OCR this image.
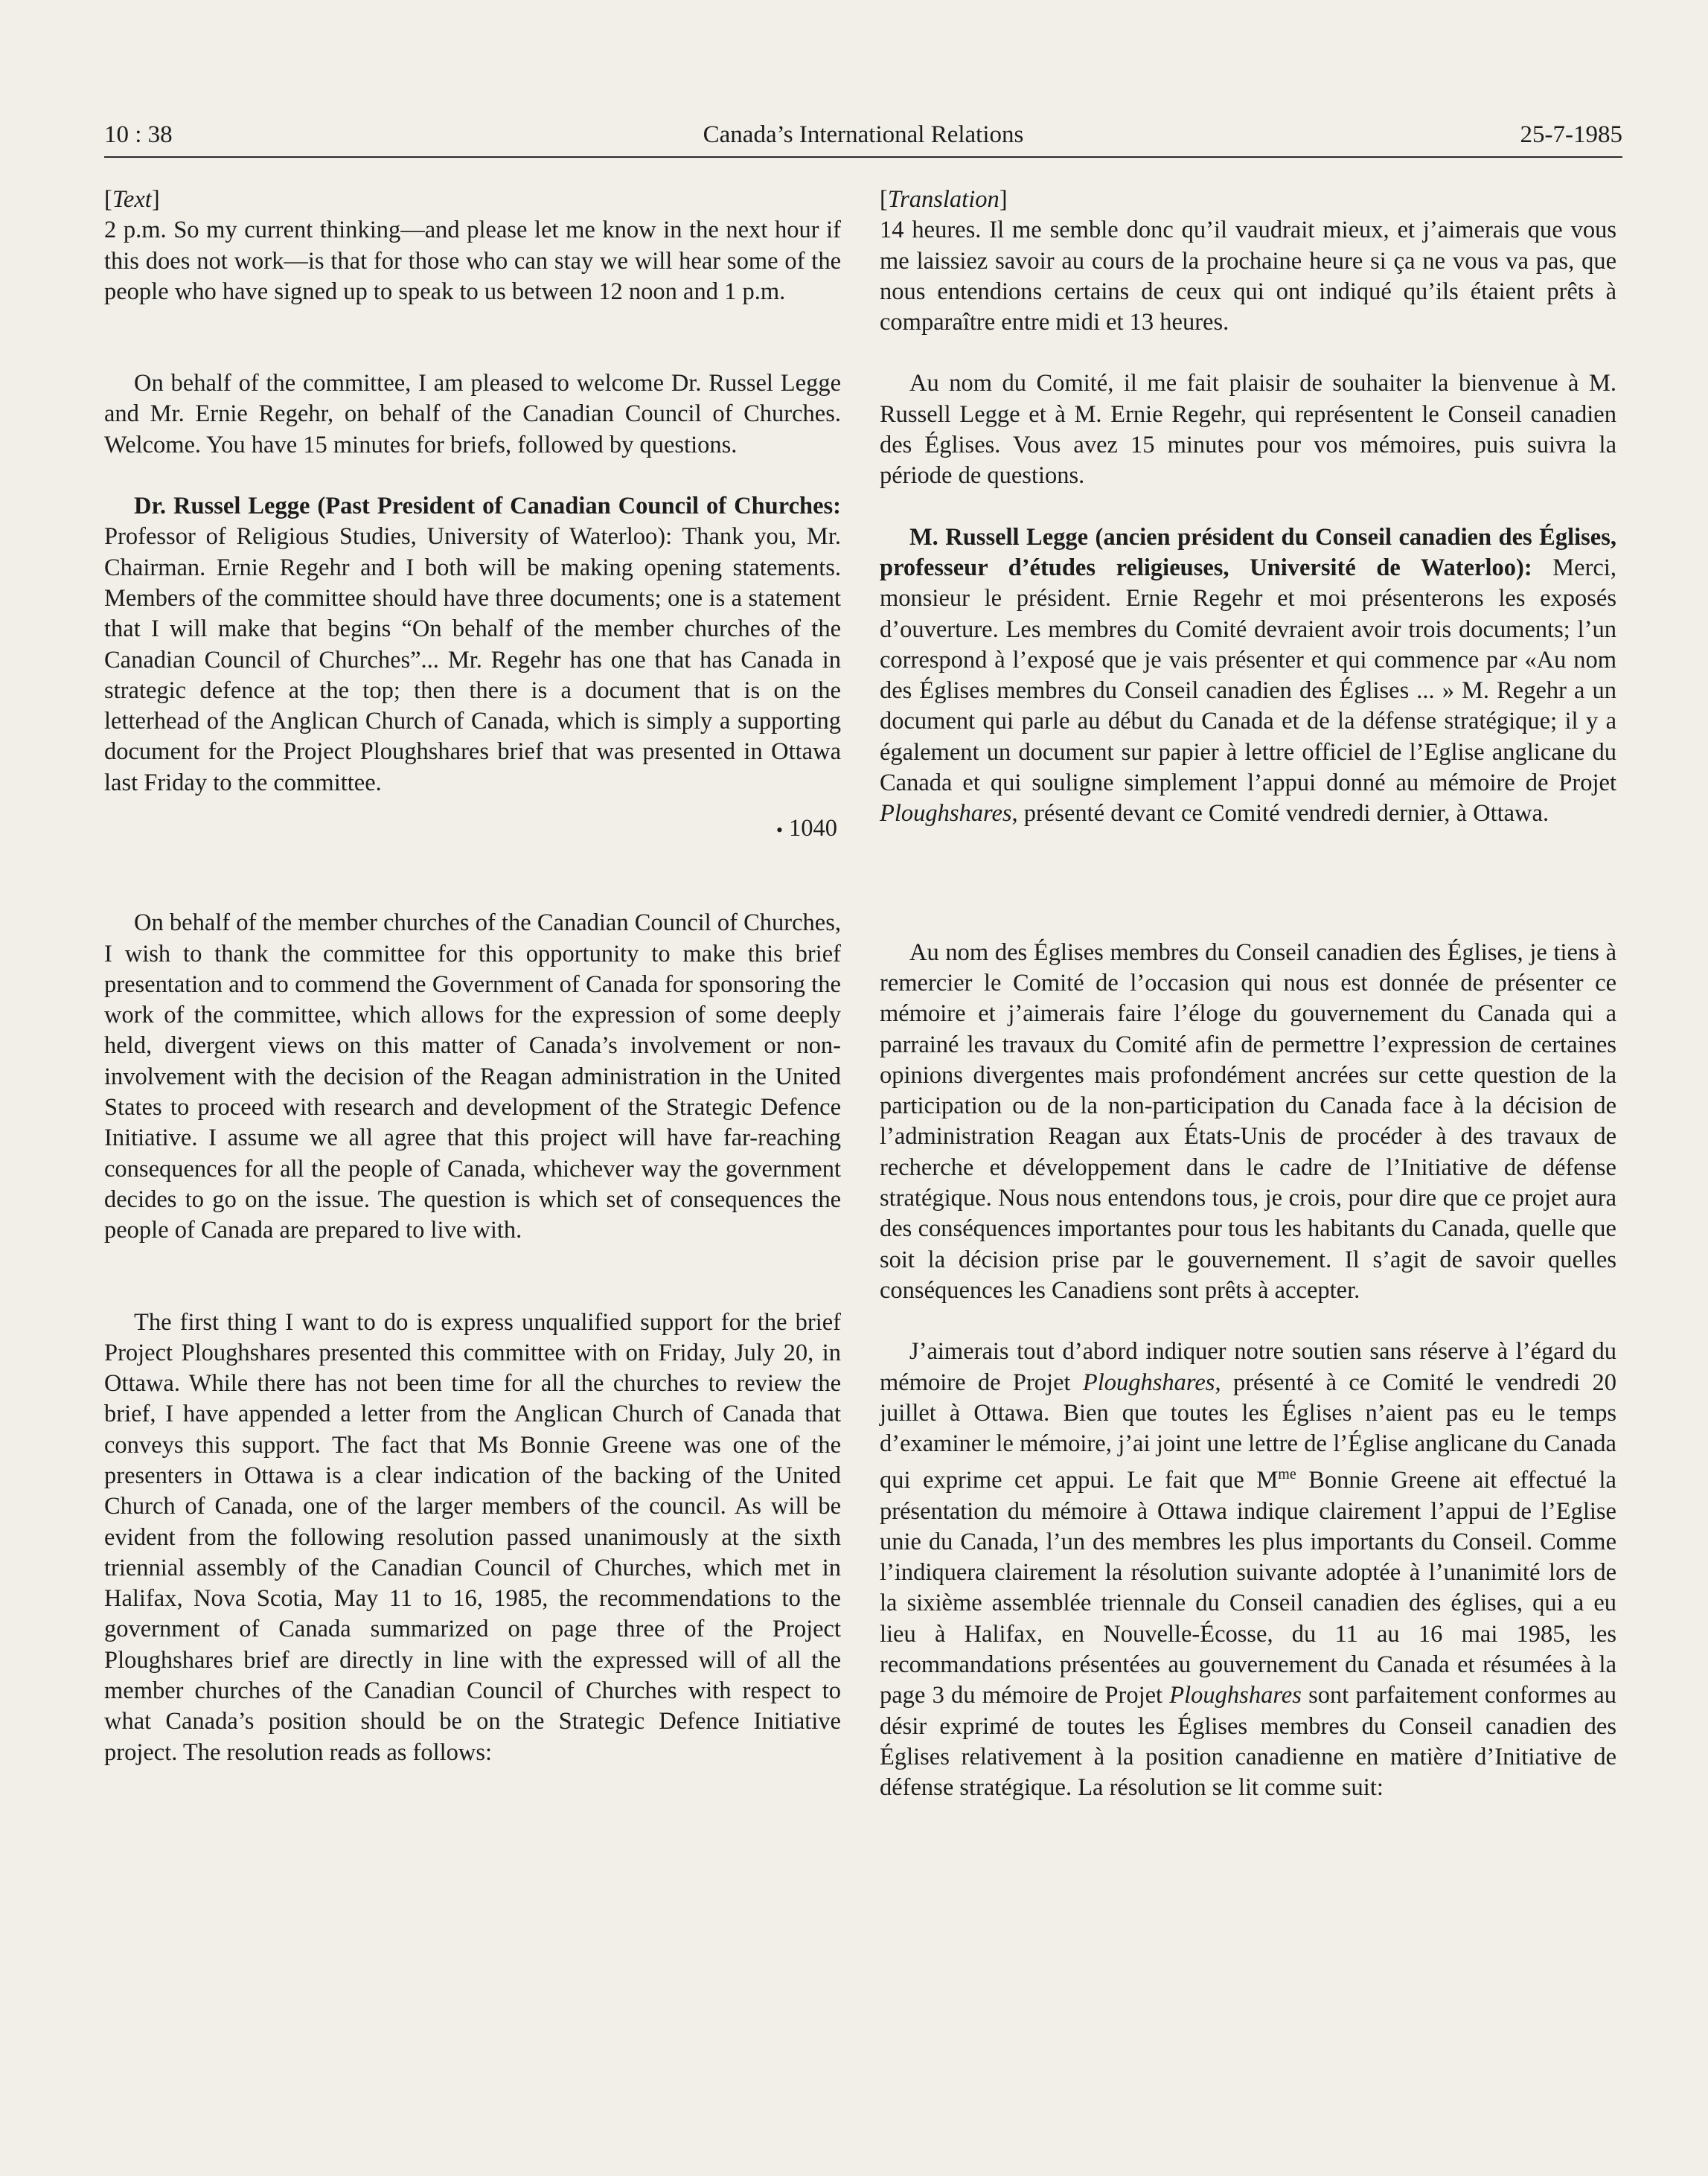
10 : 38	Canada’s International Relations	25-7-1985
[Text]

2 p.m. So my current thinking—and please let me know in the next hour if this does not work—is that for those who can stay we will hear some of the people who have signed up to speak to us between 12 noon and 1 p.m.

On behalf of the committee, I am pleased to welcome Dr. Russel Legge and Mr. Ernie Regehr, on behalf of the Canadian Council of Churches. Welcome. You have 15 minutes for briefs, followed by questions.

Dr. Russel Legge (Past President of Canadian Council of Churches: Professor of Religious Studies, University of Waterloo): Thank you, Mr. Chairman. Ernie Regehr and I both will be making opening statements. Members of the committee should have three documents; one is a statement that I will make that begins “On behalf of the member churches of the Canadian Council of Churches”... Mr. Regehr has one that has Canada in strategic defence at the top; then there is a document that is on the letterhead of the Anglican Church of Canada, which is simply a supporting document for the Project Ploughshares brief that was presented in Ottawa last Friday to the committee.

• 1040

On behalf of the member churches of the Canadian Council of Churches, I wish to thank the committee for this opportunity to make this brief presentation and to commend the Government of Canada for sponsoring the work of the committee, which allows for the expression of some deeply held, divergent views on this matter of Canada’s involvement or non-involvement with the decision of the Reagan administration in the United States to proceed with research and development of the Strategic Defence Initiative. I assume we all agree that this project will have far-reaching consequences for all the people of Canada, whichever way the government decides to go on the issue. The question is which set of consequences the people of Canada are prepared to live with.

The first thing I want to do is express unqualified support for the brief Project Ploughshares presented this committee with on Friday, July 20, in Ottawa. While there has not been time for all the churches to review the brief, I have appended a letter from the Anglican Church of Canada that conveys this support. The fact that Ms Bonnie Greene was one of the presenters in Ottawa is a clear indication of the backing of the United Church of Canada, one of the larger members of the council. As will be evident from the following resolution passed unanimously at the sixth triennial assembly of the Canadian Council of Churches, which met in Halifax, Nova Scotia, May 11 to 16, 1985, the recommendations to the government of Canada summarized on page three of the Project Ploughshares brief are directly in line with the expressed will of all the member churches of the Canadian Council of Churches with respect to what Canada’s position should be on the Strategic Defence Initiative project. The resolution reads as follows:

[Translation]

14 heures. Il me semble donc qu’il vaudrait mieux, et j’aimerais que vous me laissiez savoir au cours de la prochaine heure si ça ne vous va pas, que nous entendions certains de ceux qui ont indiqué qu’ils étaient prêts à comparaître entre midi et 13 heures.

Au nom du Comité, il me fait plaisir de souhaiter la bienvenue à M. Russell Legge et à M. Ernie Regehr, qui représentent le Conseil canadien des Églises. Vous avez 15 minutes pour vos mémoires, puis suivra la période de questions.

M. Russell Legge (ancien président du Conseil canadien des Églises, professeur d’études religieuses, Université de Waterloo): Merci, monsieur le président. Ernie Regehr et moi présenterons les exposés d’ouverture. Les membres du Comité devraient avoir trois documents; l’un correspond à l’exposé que je vais présenter et qui commence par «Au nom des Églises membres du Conseil canadien des Églises ... » M. Regehr a un document qui parle au début du Canada et de la défense stratégique; il y a également un document sur papier à lettre officiel de l’Eglise anglicane du Canada et qui souligne simplement l’appui donné au mémoire de Projet Ploughshares, présenté devant ce Comité vendredi dernier, à Ottawa.

Au nom des Églises membres du Conseil canadien des Églises, je tiens à remercier le Comité de l’occasion qui nous est donnée de présenter ce mémoire et j’aimerais faire l’éloge du gouvernement du Canada qui a parrainé les travaux du Comité afin de permettre l’expression de certaines opinions divergentes mais profondément ancrées sur cette question de la participation ou de la non-participation du Canada face à la décision de l’administration Reagan aux États-Unis de procéder à des travaux de recherche et développement dans le cadre de l’Initiative de défense stratégique. Nous nous entendons tous, je crois, pour dire que ce projet aura des conséquences importantes pour tous les habitants du Canada, quelle que soit la décision prise par le gouvernement. Il s’agit de savoir quelles conséquences les Canadiens sont prêts à accepter.

J’aimerais tout d’abord indiquer notre soutien sans réserve à l’égard du mémoire de Projet Ploughshares, présenté à ce Comité le vendredi 20 juillet à Ottawa. Bien que toutes les Églises n’aient pas eu le temps d’examiner le mémoire, j’ai joint une lettre de l’Église anglicane du Canada qui exprime cet appui. Le fait que $M^{me}$ Bonnie Greene ait effectué la présentation du mémoire à Ottawa indique clairement l’appui de l’Eglise unie du Canada, l’un des membres les plus importants du Conseil. Comme l’indiquera clairement la résolution suivante adoptée à l’unanimité lors de la sixième assemblée triennale du Conseil canadien des églises, qui a eu lieu à Halifax, en Nouvelle-Écosse, du 11 au 16 mai 1985, les recommandations présentées au gouvernement du Canada et résumées à la page 3 du mémoire de Projet Ploughshares sont parfaitement conformes au désir exprimé de toutes les Églises membres du Conseil canadien des Églises relativement à la position canadienne en matière d’Initiative de défense stratégique. La résolution se lit comme suit:
